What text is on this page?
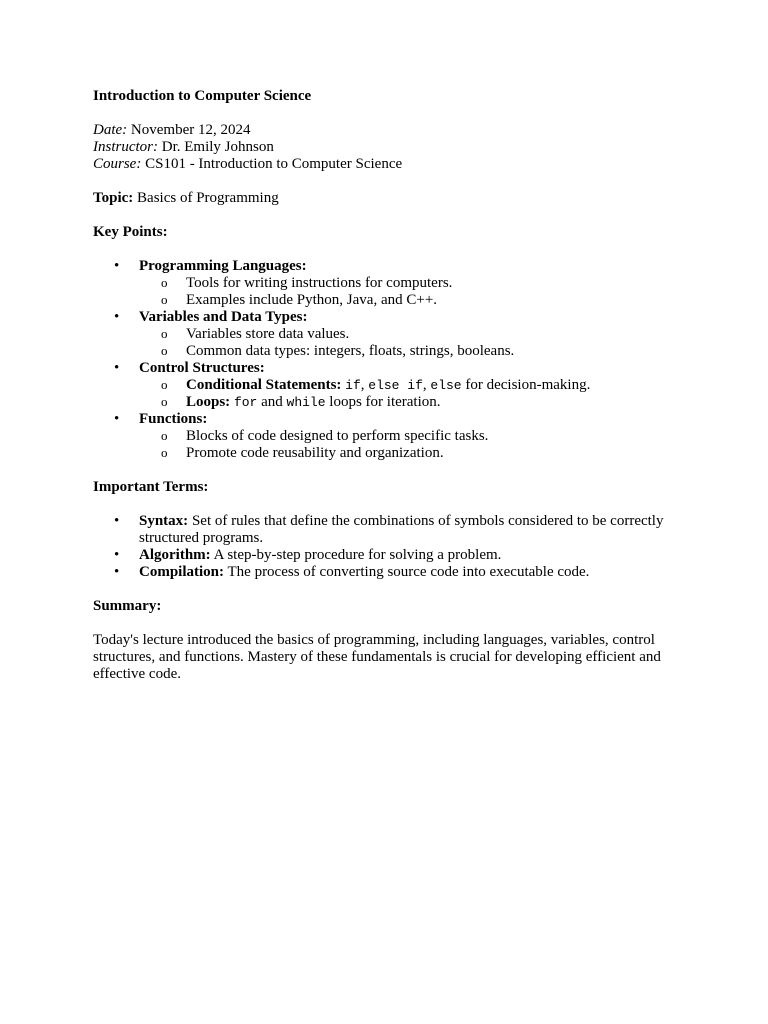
Introduction to Computer Science

Date: November 12, 2024

Instructor: Dr. Emily Johnson

Course: CS101 - Introduction to Computer Science

Topic: Basics of Programming

Key Points:

• Programming Languages:
o Tools for writing instructions for computers.
o Examples include Python, Java, and C++.
• Variables and Data Types:
o Variables store data values.
o Common data types: integers, floats, strings, booleans.
• Control Structures:
o Conditional Statements: if, else if, else for decision-making.
o Loops: for and while loops for iteration.
• Functions:
o Blocks of code designed to perform specific tasks.
o Promote code reusability and organization.

Important Terms:

• Syntax: Set of rules that define the combinations of symbols considered to be correctly structured programs.
• Algorithm: A step-by-step procedure for solving a problem.
• Compilation: The process of converting source code into executable code.

Summary:

Today's lecture introduced the basics of programming, including languages, variables, control structures, and functions. Mastery of these fundamentals is crucial for developing efficient and effective code.
